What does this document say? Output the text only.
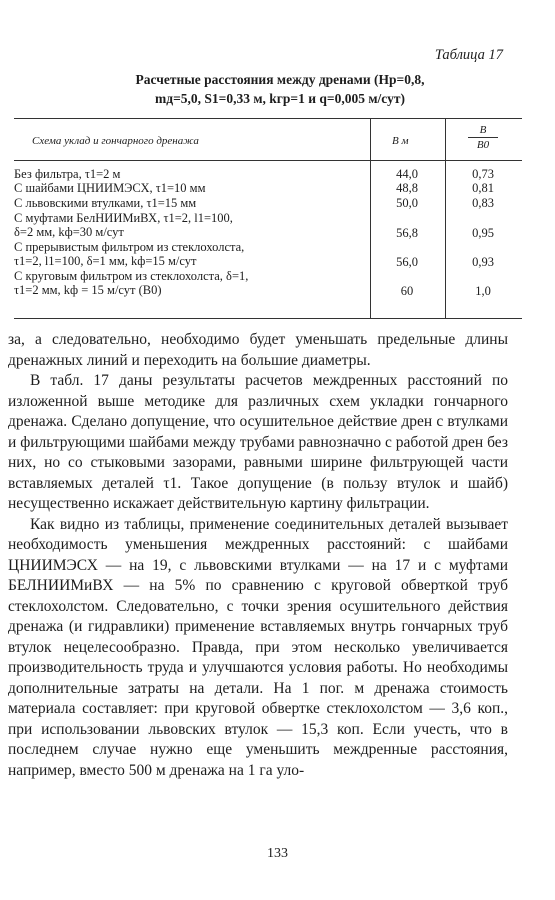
Таблица 17
Расчетные расстояния между дренами (Hр=0,8,
mд=5,0, S1=0,33 м, kгр=1 и q=0,005 м/сут)
Схема уклад и гончарного дренажа	B м
B
B0
Без фильтра, τ1=2 м	44,0	0,73
С шайбами ЦНИИМЭСХ, τ1=10 мм	48,8	0,81
С львовскими втулками, τ1=15 мм	50,0	0,83
С муфтами БелНИИМиВХ, τ1=2, l1=100,
δ=2 мм, kф=30 м/сут	56,8	0,95
С прерывистым фильтром из стеклохолста,
τ1=2, l1=100, δ=1 мм, kф=15 м/сут	56,0	0,93
С круговым фильтром из стеклохолста, δ=1,
τ1=2 мм, kф = 15 м/сут (B0)	60	1,0

за, а следовательно, необходимо будет уменьшать предельные длины дренажных линий и переходить на большие диаметры.

В табл. 17 даны результаты расчетов междренных расстояний по изложенной выше методике для различных схем укладки гончарного дренажа. Сделано допущение, что осушительное действие дрен с втулками и фильтрующими шайбами между трубами равнозначно с работой дрен без них, но со стыковыми зазорами, равными ширине фильтрующей части вставляемых деталей τ1. Такое допущение (в пользу втулок и шайб) несущественно искажает действительную картину фильтрации.

Как видно из таблицы, применение соединительных деталей вызывает необходимость уменьшения междренных расстояний: с шайбами ЦНИИМЭСХ — на 19, с львовскими втулками — на 17 и с муфтами БЕЛНИИМиВХ — на 5% по сравнению с круговой обверткой труб стеклохолстом. Следовательно, с точки зрения осушительного действия дренажа (и гидравлики) применение вставляемых внутрь гончарных труб втулок нецелесообразно. Правда, при этом несколько увеличивается производительность труда и улучшаются условия работы. Но необходимы дополнительные затраты на детали. На 1 пог. м дренажа стоимость материала составляет: при круговой обвертке стеклохолстом — 3,6 коп., при использовании львовских втулок — 15,3 коп. Если учесть, что в последнем случае нужно еще уменьшить междренные расстояния, например, вместо 500 м дренажа на 1 га уло-

133
